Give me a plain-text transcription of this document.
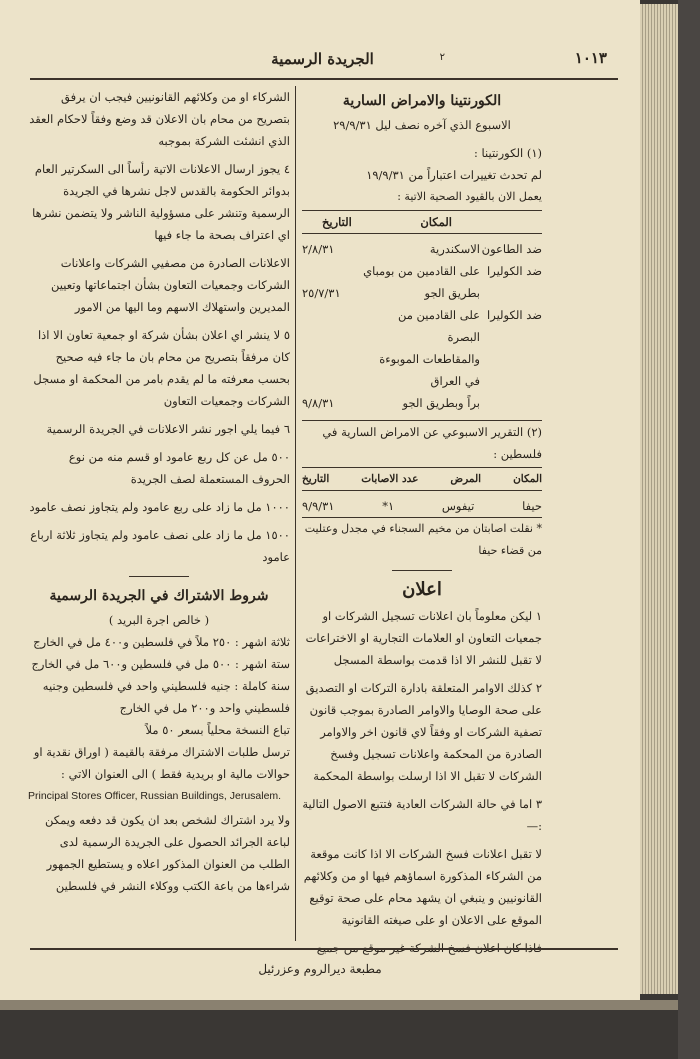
الجريدة الرسمية	٢	١٠١٣
الكورنتينا والامراض السارية
الاسبوع الذي آخره نصف ليل ٢٩/٩/٣١
(١) الكورنتينا :
لم تحدث تغييرات اعتباراً من ١٩/٩/٣١
يعمل الان بالقيود الصحية الاتية :
المكان
التاريخ
ضد الطاعون
الاسكندرية
٢/٨/٣١
ضد الكوليرا
على القادمين من بومباي
بطريق الجو
٢٥/٧/٣١
ضد الكوليرا
على القادمين من البصرة
والمقاطعات الموبوءة في العراق
براً وبطريق الجو
٩/٨/٣١
(٢) التقرير الاسبوعي عن الامراض السارية في فلسطين :
المكان
المرض
عدد الاصابات
التاريخ
حيفا
تيفوس
١*
٩/٩/٣١
* نقلت اصابتان من مخيم السجناء في مجدل وعتليت من قضاء حيفا
اعلان
١ ليكن معلوماً بان اعلانات تسجيل الشركات او جمعيات التعاون او العلامات التجارية او الاختراعات لا تقبل للنشر الا اذا قدمت بواسطة المسجل
٢ كذلك الاوامر المتعلقة بادارة التركات او التصديق على صحة الوصايا والاوامر الصادرة بموجب قانون تصفية الشركات او وفقاً لاي قانون اخر والاوامر الصادرة من المحكمة واعلانات تسجيل وفسخ الشركات لا تقبل الا اذا ارسلت بواسطة المحكمة
٣ اما في حالة الشركات العادية فتتبع الاصول التالية :—
لا تقبل اعلانات فسخ الشركات الا اذا كانت موقعة من الشركاء المذكورة اسماؤهم فيها او من وكلائهم القانونيين و ينبغي ان يشهد محام على صحة توقيع الموقع على الاعلان او على صيغته القانونية
الشركاء او من وكلائهم القانونيين فيجب ان يرفق بتصريح من محام بان الاعلان قد وضع وفقاً لاحكام العقد الذي انشئت الشركة بموجبه
٤ يجوز ارسال الاعلانات الاتية رأساً الى السكرتير العام بدوائر الحكومة بالقدس لاجل نشرها في الجريدة الرسمية وتنشر على مسؤولية الناشر ولا يتضمن نشرها اي اعتراف بصحة ما جاء فيها
الاعلانات الصادرة من مصفيي الشركات واعلانات الشركات وجمعيات التعاون بشأن اجتماعاتها وتعيين المديرين واستهلاك الاسهم وما اليها من الامور
٥ لا ينشر اي اعلان بشأن شركة او جمعية تعاون الا اذا كان مرفقاً بتصريح من محام بان ما جاء فيه صحيح بحسب معرفته ما لم يقدم بامر من المحكمة او مسجل الشركات وجمعيات التعاون
٦ فيما يلي اجور نشر الاعلانات في الجريدة الرسمية
٥٠٠ مل عن كل ربع عامود او قسم منه من نوع الحروف المستعملة لصف الجريدة
١٠٠٠ مل ما زاد على ربع عامود ولم يتجاوز نصف عامود
١٥٠٠ مل ما زاد على نصف عامود ولم يتجاوز ثلاثة ارباع عامود
شروط الاشتراك في الجريدة الرسمية
( خالص اجرة البريد )
ثلاثة اشهر : ٢٥٠ ملاً في فلسطين و٤٠٠ مل في الخارج
ستة اشهر : ٥٠٠ مل في فلسطين و٦٠٠ مل في الخارج
سنة كاملة : جنيه فلسطيني واحد في فلسطين وجنيه فلسطيني واحد و٢٠٠ مل في الخارج
تباع النسخة محلياً بسعر ٥٠ ملاً
ترسل طلبات الاشتراك مرفقة بالقيمة ( اوراق نقدية او حوالات مالية او بريدية فقط ) الى العنوان الاتي :
Principal Stores Officer, Russian Buildings, Jerusalem.
ولا يرد اشتراك لشخص بعد ان يكون قد دفعه ويمكن لباعة الجرائد الحصول على الجريدة الرسمية لدى الطلب من العنوان المذكور اعلاه و يستطيع الجمهور شراءها من باعة الكتب ووكلاء النشر في فلسطين
مطبعة ديرالروم وعزرئيل
